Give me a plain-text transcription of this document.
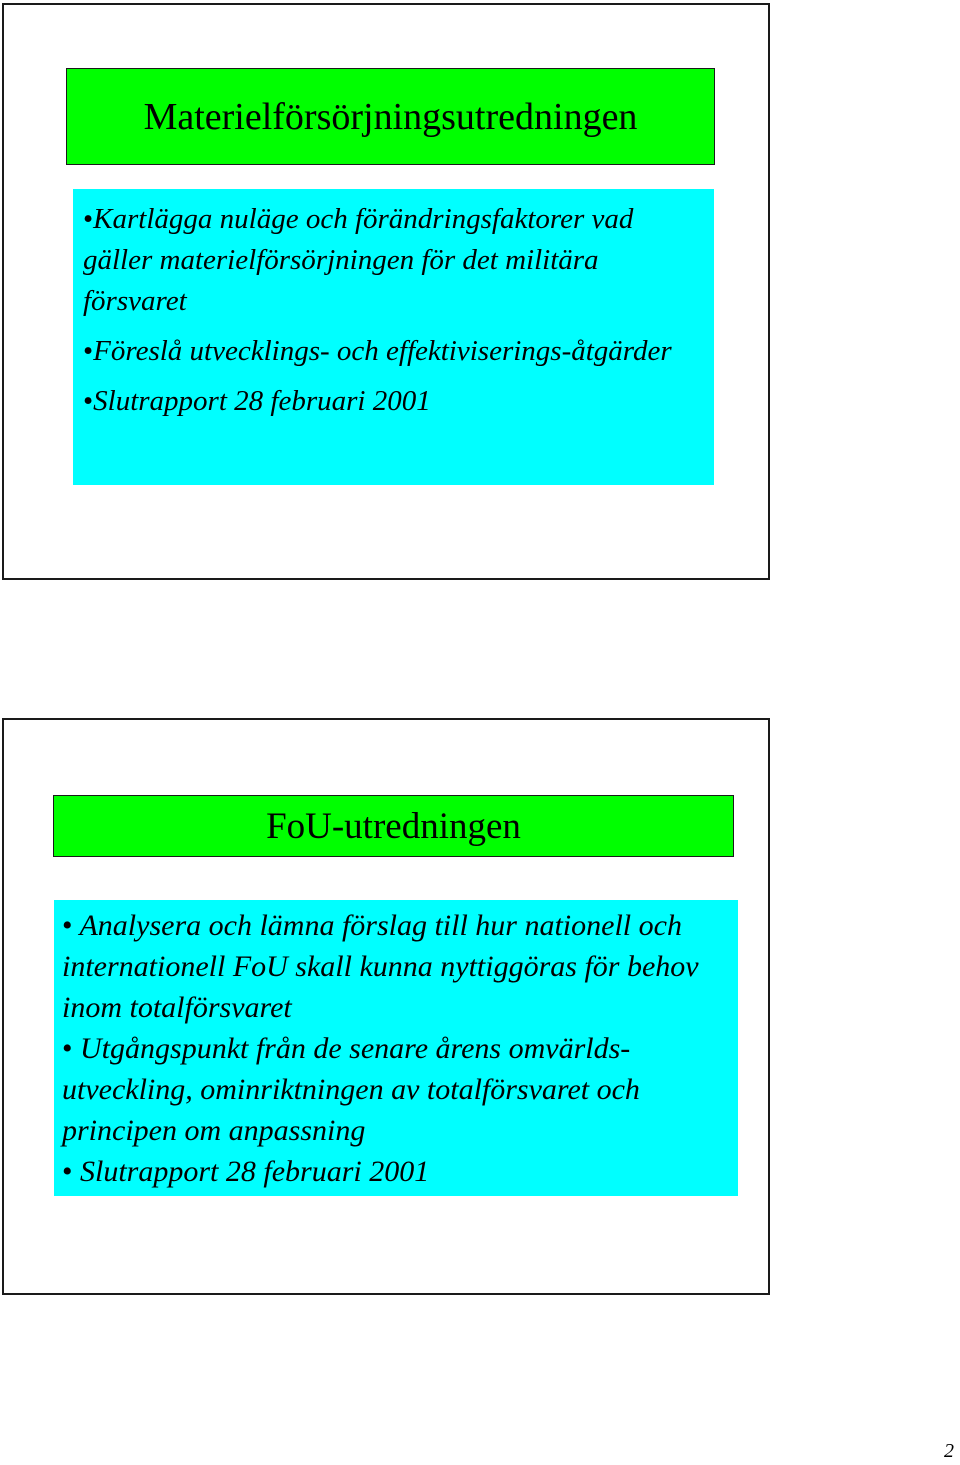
Materielförsörjningsutredningen

•Kartlägga nuläge och förändringsfaktorer vad gäller materielförsörjningen för det militära försvaret

•Föreslå utvecklings- och effektiviserings-åtgärder

•Slutrapport 28 februari 2001

FoU-utredningen

• Analysera och lämna förslag till hur nationell och internationell FoU skall kunna nyttiggöras för behov inom totalförsvaret

• Utgångspunkt från de senare årens omvärlds-utveckling, ominriktningen av totalförsvaret och principen om anpassning

• Slutrapport 28 februari 2001

2
